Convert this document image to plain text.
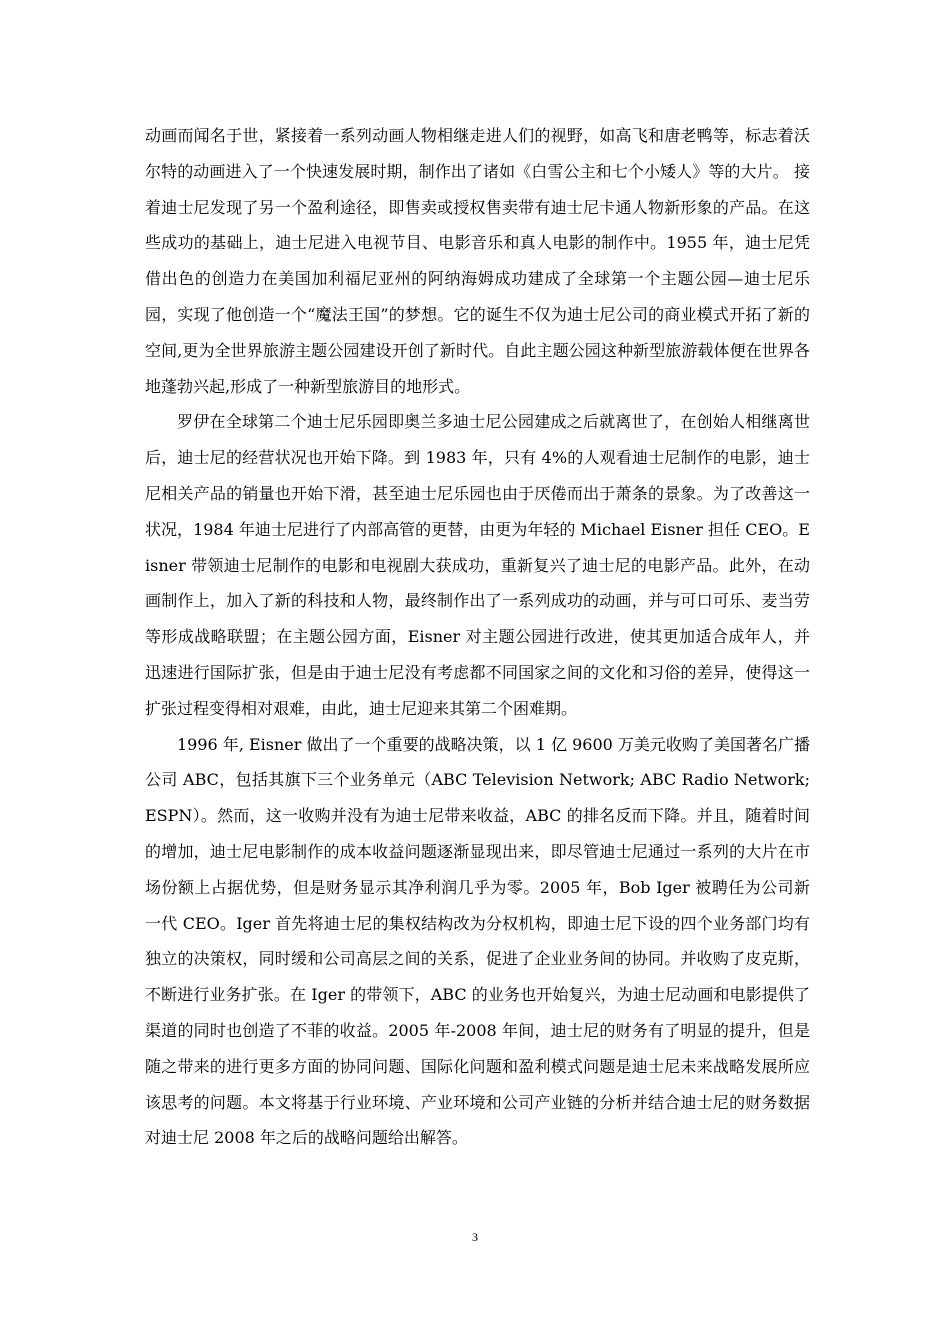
动画而闻名于世，紧接着一系列动画人物相继走进人们的视野，如高飞和唐老鸭等，标志着沃尔特的动画进入了一个快速发展时期，制作出了诸如《白雪公主和七个小矮人》等的大片。 接着迪士尼发现了另一个盈利途径，即售卖或授权售卖带有迪士尼卡通人物新形象的产品。在这些成功的基础上，迪士尼进入电视节目、电影音乐和真人电影的制作中。1955 年，迪士尼凭借出色的创造力在美国加利福尼亚州的阿纳海姆成功建成了全球第一个主题公园—迪士尼乐园，实现了他创造一个“魔法王国”的梦想。它的诞生不仅为迪士尼公司的商业模式开拓了新的空间,更为全世界旅游主题公园建设开创了新时代。自此主题公园这种新型旅游载体便在世界各地蓬勃兴起,形成了一种新型旅游目的地形式。

罗伊在全球第二个迪士尼乐园即奥兰多迪士尼公园建成之后就离世了，在创始人相继离世后，迪士尼的经营状况也开始下降。到 1983 年，只有 4%的人观看迪士尼制作的电影，迪士尼相关产品的销量也开始下滑，甚至迪士尼乐园也由于厌倦而出于萧条的景象。为了改善这一状况，1984 年迪士尼进行了内部高管的更替，由更为年轻的 Michael Eisner 担任 CEO。Eisner 带领迪士尼制作的电影和电视剧大获成功，重新复兴了迪士尼的电影产品。此外，在动画制作上，加入了新的科技和人物，最终制作出了一系列成功的动画，并与可口可乐、麦当劳等形成战略联盟；在主题公园方面，Eisner 对主题公园进行改进，使其更加适合成年人，并迅速进行国际扩张，但是由于迪士尼没有考虑都不同国家之间的文化和习俗的差异，使得这一扩张过程变得相对艰难，由此，迪士尼迎来其第二个困难期。

1996 年, Eisner 做出了一个重要的战略决策，以 1 亿 9600 万美元收购了美国著名广播公司 ABC，包括其旗下三个业务单元（ABC Television Network; ABC Radio Network; ESPN）。然而，这一收购并没有为迪士尼带来收益，ABC 的排名反而下降。并且，随着时间的增加，迪士尼电影制作的成本收益问题逐渐显现出来，即尽管迪士尼通过一系列的大片在市场份额上占据优势，但是财务显示其净利润几乎为零。2005 年，Bob Iger 被聘任为公司新一代 CEO。Iger 首先将迪士尼的集权结构改为分权机构，即迪士尼下设的四个业务部门均有独立的决策权，同时缓和公司高层之间的关系，促进了企业业务间的协同。并收购了皮克斯，不断进行业务扩张。在 Iger 的带领下，ABC 的业务也开始复兴，为迪士尼动画和电影提供了渠道的同时也创造了不菲的收益。2005 年-2008 年间，迪士尼的财务有了明显的提升，但是随之带来的进行更多方面的协同问题、国际化问题和盈利模式问题是迪士尼未来战略发展所应该思考的问题。本文将基于行业环境、产业环境和公司产业链的分析并结合迪士尼的财务数据对迪士尼 2008 年之后的战略问题给出解答。

3
